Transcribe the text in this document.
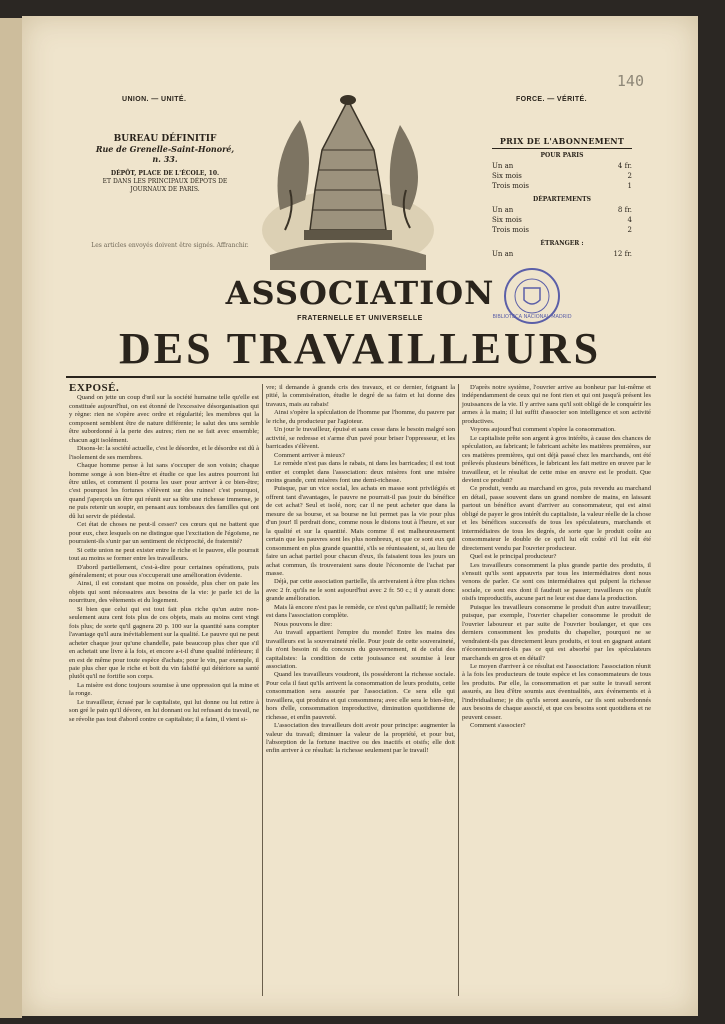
140
UNION. — UNITÉ.	FORCE. — VÉRITÉ.
BUREAU DÉFINITIF
Rue de Grenelle-Saint-Honoré,
n. 33.
DÉPÔT, PLACE DE L'ÉCOLE, 10.
ET DANS LES PRINCIPAUX DÉPOTS DE JOURNAUX DE PARIS.
Les articles envoyés doivent être signés. Affranchir.
PRIX DE L'ABONNEMENT
POUR PARIS
Un an	4 fr.
Six mois	2
Trois mois	1
DÉPARTEMENTS
Un an	8 fr.
Six mois	4
Trois mois	2
ÉTRANGER :
Un an	12 fr.
BIBLIOTECA NACIONAL MADRID
ASSOCIATION
FRATERNELLE ET UNIVERSELLE
DES TRAVAILLEURS
EXPOSÉ.

Quand on jette un coup d'œil sur la société humaine telle qu'elle est constituée aujourd'hui, on est étonné de l'excessive désorganisation qui y règne: rien ne s'opère avec ordre et régularité; les membres qui la composent semblent être de nature différente; le salut des uns semble être subordonné à la perte des autres; rien ne se fait avec ensemble; chacun agit isolément.

Disons-le: la société actuelle, c'est le désordre, et le désordre est dû à l'isolement de ses membres.

Chaque homme pense à lui sans s'occuper de son voisin; chaque homme songe à son bien-être et étudie ce que les autres pourront lui être utiles, et comment il pourra les user pour arriver à ce bien-être; c'est pourquoi les fortunes s'élèvent sur des ruines! c'est pourquoi, quand j'aperçois un être qui réunit sur sa tête une richesse immense, je ne puis retenir un soupir, en pensant aux tombeaux des familles qui ont dû lui servir de piédestal.

Cet état de choses ne peut-il cesser? ces cœurs qui ne battent que pour eux, chez lesquels on ne distingue que l'excitation de l'égoïsme, ne pourraient-ils s'unir par un sentiment de réciprocité, de fraternité?

Si cette union ne peut exister entre le riche et le pauvre, elle pourrait tout au moins se former entre les travailleurs.

D'abord partiellement, c'est-à-dire pour certaines opérations, puis généralement; et pour ous s'occuperait une amélioration évidente.

Ainsi, il est constant que moins on possède, plus cher on paie les objets qui sont nécessaires aux besoins de la vie: je parle ici de la nourriture, des vêtements et du logement.

Si bien que celui qui est tout fait plus riche qu'un autre non-seulement aura cent fois plus de ces objets, mais au moins cent vingt fois plus; de sorte qu'il gagnera 20 p. 100 sur la quantité sans compter l'avantage qu'il aura inévitablement sur la qualité. Le pauvre qui ne peut acheter chaque jour qu'une chandelle, paie beaucoup plus cher que s'il en achetait une livre à la fois, et encore a-t-il d'une qualité inférieure; il en est de même pour toute espèce d'achats; pour le vin, par exemple, il paie plus cher que le riche et boit du vin falsifié qui détériore sa santé plutôt qu'il ne fortifie son corps.

La misère est donc toujours soumise à une oppression qui la mine et la ronge.

Le travailleur, écrasé par le capitaliste, qui lui donne ou lui retire à son gré le pain qu'il dévore, en lui donnant ou lui refusant du travail, ne se révolte pas tout d'abord contre ce capitaliste; il a faim, il vient si-

vre; il demande à grands cris des travaux, et ce dernier, feignant la pitié, la commisération, étudie le degré de sa faim et lui donne des travaux, mais au rabais!

Ainsi s'opère la spéculation de l'homme par l'homme, du pauvre par le riche, du producteur par l'agioteur.

Un jour le travailleur, épuisé et sans cesse dans le besoin malgré son activité, se redresse et s'arme d'un pavé pour briser l'oppresseur, et les barricades s'élèvent.

Comment arriver à mieux?

Le remède n'est pas dans le rabais, ni dans les barricades; il est tout entier et complet dans l'association: deux misères font une misère moins grande, cent misères font une demi-richesse.

Puisque, par un vice social, les achats en masse sont privilégiés et offrent tant d'avantages, le pauvre ne pourrait-il pas jouir du bénéfice de cet achat? Seul et isolé, non; car il ne peut acheter que dans la mesure de sa bourse, et sa bourse ne lui permet pas la vie pour plus d'un jour! Il perdrait donc, comme nous le disions tout à l'heure, et sur la qualité et sur la quantité. Mais comme il est malheureusement certain que les pauvres sont les plus nombreux, et que ce sont eux qui consomment en plus grande quantité, s'ils se réunissaient, si, au lieu de faire un achat partiel pour chacun d'eux, ils faisaient tous les jours un achat commun, ils trouveraient sans doute l'économie de l'achat par masse.

Déjà, par cette association partielle, ils arriveraient à être plus riches avec 2 fr. qu'ils ne le sont aujourd'hui avec 2 fr. 50 c.; il y aurait donc grande amélioration.

Mais là encore n'est pas le remède, ce n'est qu'un palliatif; le remède est dans l'association complète.

Nous pouvons le dire:

Au travail appartient l'empire du monde! Entre les mains des travailleurs est la souveraineté réelle. Pour jouir de cette souveraineté, ils n'ont besoin ni du concours du gouvernement, ni de celui des capitalistes: la condition de cette jouissance est soumise à leur association.

Quand les travailleurs voudront, ils posséderont la richesse sociale. Pour cela il faut qu'ils arrivent la consommation de leurs produits, cette consommation sera assurée par l'association. Ce sera elle qui travaillera, qui produira et qui consommera; avec elle sera le bien-être, hors d'elle, consommation improductive, diminution quotidienne de richesse, et enfin pauvreté.

L'association des travailleurs doit avoir pour principe: augmenter la valeur du travail; diminuer la valeur de la propriété, et pour but, l'absorption de la fortune inactive ou des inactifs et oisifs; elle doit enfin arriver à ce résultat: la richesse seulement par le travail!

D'après notre système, l'ouvrier arrive au bonheur par lui-même et indépendamment de ceux qui ne font rien et qui ont jusqu'à présent les jouissances de la vie. Il y arrive sans qu'il soit obligé de le conquérir les armes à la main; il lui suffit d'associer son intelligence et son activité productives.

Voyons aujourd'hui comment s'opère la consommation.

Le capitaliste prête son argent à gros intérêts, à cause des chances de spéculation, au fabricant; le fabricant achète les matières premières, sur ces matières premières, qui ont déjà passé chez les marchands, ont été prélevés plusieurs bénéfices, le fabricant les fait mettre en œuvre par le travailleur, et le résultat de cette mise en œuvre est le produit. Que devient ce produit?

Ce produit, vendu au marchand en gros, puis revendu au marchand en détail, passe souvent dans un grand nombre de mains, en laissant partout un bénéfice avant d'arriver au consommateur, qui est ainsi obligé de payer le gros intérêt du capitaliste, la valeur réelle de la chose et les bénéfices successifs de tous les spéculateurs, marchands et intermédiaires de tous les degrés, de sorte que le produit coûte au consommateur le double de ce qu'il lui eût coûté s'il lui eût été directement vendu par l'ouvrier producteur.

Quel est le principal producteur?

Les travailleurs consomment la plus grande partie des produits, il s'ensuit qu'ils sont appauvris par tous les intermédiaires dont nous venons de parler. Ce sont ces intermédiaires qui pulpent la richesse sociale, ce sont eux dont il faudrait se passer; travailleurs ou plutôt oisifs improductifs, aucune part ne leur est due dans la production.

Puisque les travailleurs consomme le produit d'un autre travailleur; puisque, par exemple, l'ouvrier chapelier consomme le produit de l'ouvrier laboureur et par suite de l'ouvrier boulanger, et que ces derniers consomment les produits du chapelier, pourquoi ne se vendraient-ils pas directement leurs produits, et tout en gagnant autant n'économiseraient-ils pas ce qui est absorbé par les spéculateurs marchands en gros et en détail?

Le moyen d'arriver à ce résultat est l'association: l'association réunit à la fois les producteurs de toute espèce et les consommateurs de tous les produits. Par elle, la consommation et par suite le travail seront assurés, au lieu d'être soumis aux éventualités, aux événements et à l'individualisme; je dis qu'ils seront assurés, car ils sont subordonnés aux besoins de chaque associé, et que ces besoins sont quotidiens et ne peuvent cesser.

Comment s'associer?
